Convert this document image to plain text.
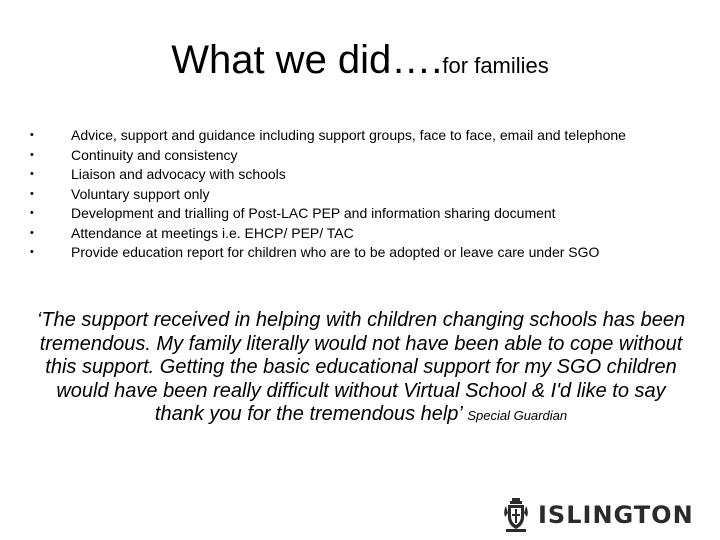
What we did….for families
•	Advice, support and guidance including support groups, face to face, email and telephone
•	Continuity and consistency
•	Liaison and advocacy with schools
•	Voluntary support only
•	Development and trialling of Post-LAC PEP and information sharing document
•	Attendance at meetings i.e. EHCP/ PEP/ TAC
•	Provide education report for children who are to be adopted or leave care under SGO
‘The support received in helping with children changing schools has been tremendous. My family literally would not have been able to cope without this support. Getting the basic educational support for my SGO children would have been really difficult without Virtual School & I'd like to say thank you for the tremendous help’ Special Guardian
ISLINGTON
